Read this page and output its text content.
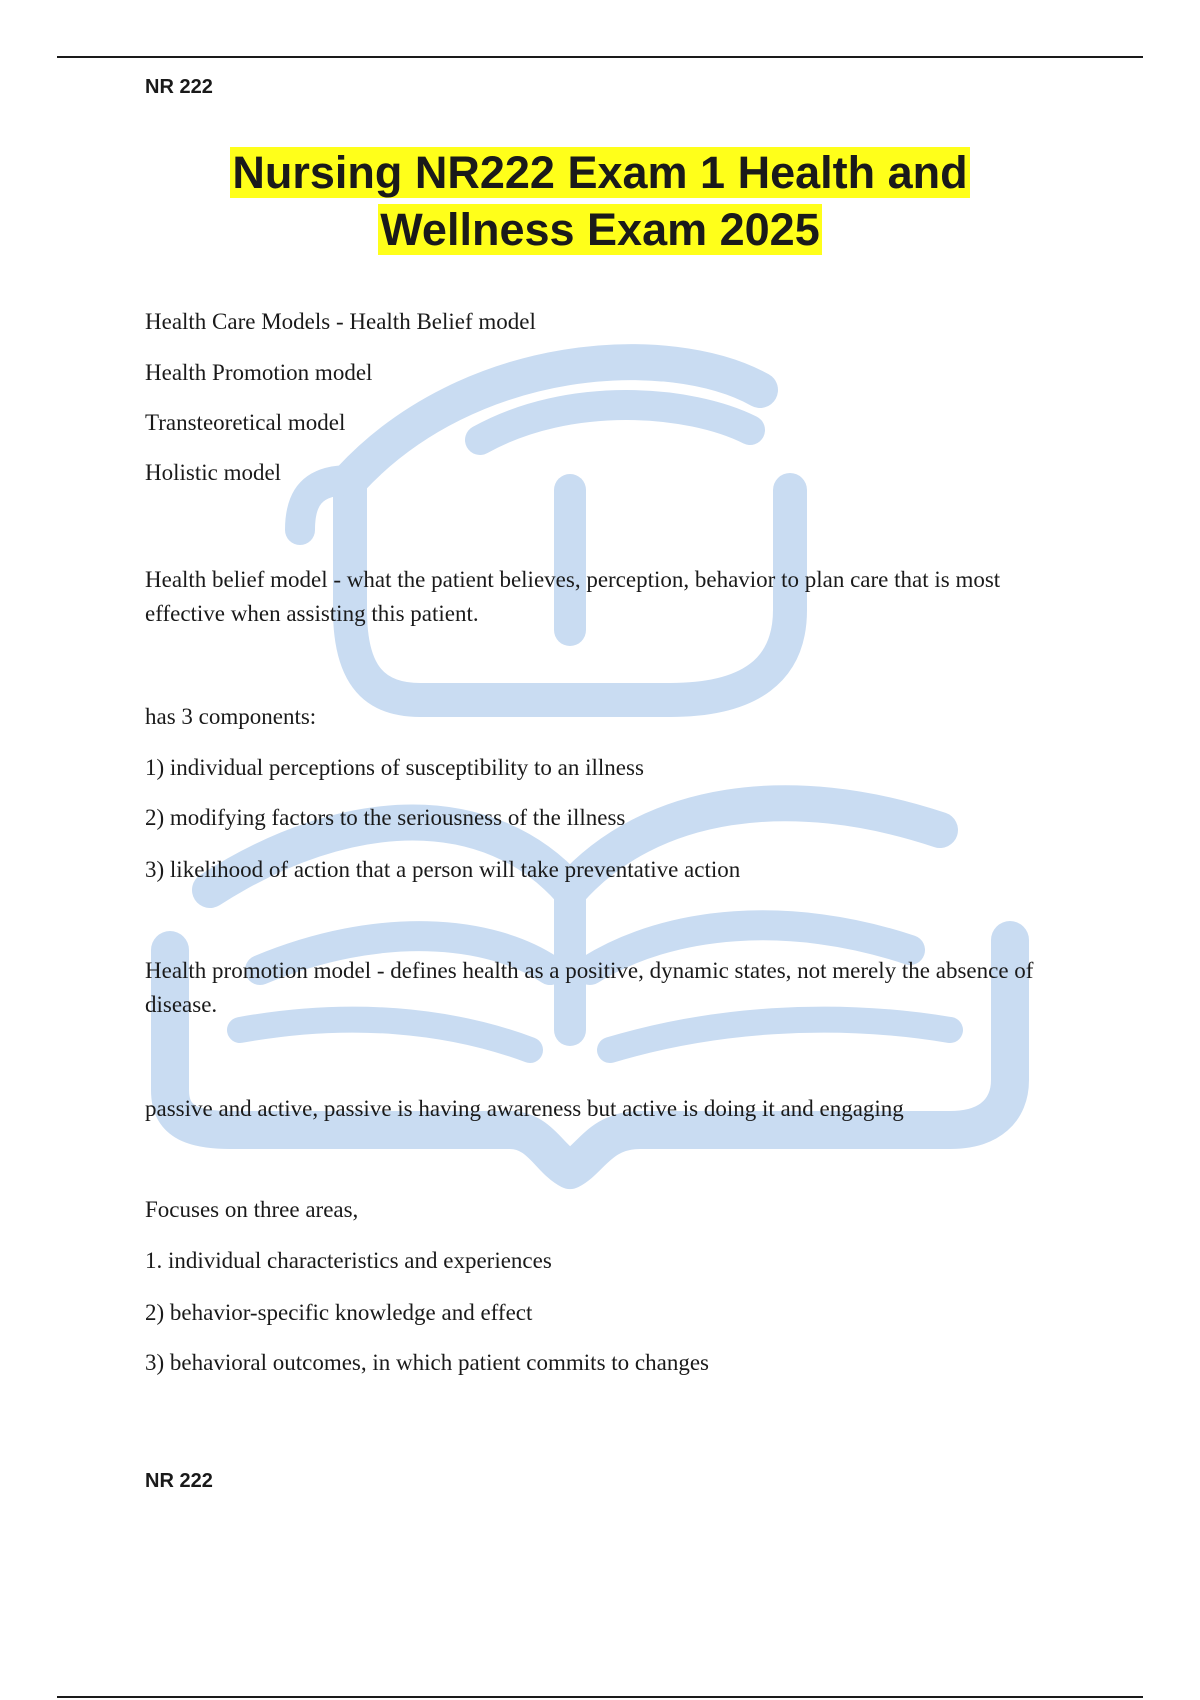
NR 222
Nursing NR222 Exam 1 Health and
Wellness Exam 2025
Health Care Models - Health Belief model
Health Promotion model
Transteoretical model
Holistic model
Health belief model - what the patient believes, perception, behavior to plan care that is most effective when assisting this patient.
has 3 components:
1) individual perceptions of susceptibility to an illness
2) modifying factors to the seriousness of the illness
3) likelihood of action that a person will take preventative action
Health promotion model - defines health as a positive, dynamic states, not merely the absence of disease.
passive and active, passive is having awareness but active is doing it and engaging
Focuses on three areas,
1. individual characteristics and experiences
2) behavior-specific knowledge and effect
3) behavioral outcomes, in which patient commits to changes
NR 222
